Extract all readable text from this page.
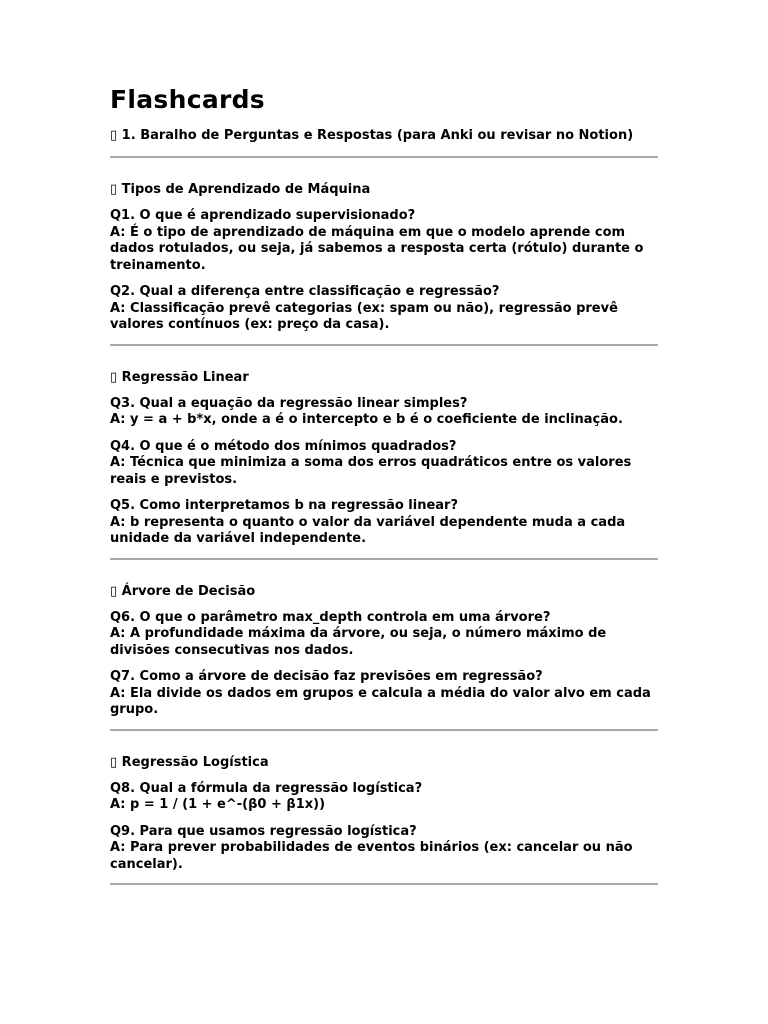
Flashcards
▯ 1. Baralho de Perguntas e Respostas (para Anki ou revisar no Notion)
▯ Tipos de Aprendizado de Máquina
Q1. O que é aprendizado supervisionado?
A: É o tipo de aprendizado de máquina em que o modelo aprende com dados rotulados, ou seja, já sabemos a resposta certa (rótulo) durante o treinamento.
Q2. Qual a diferença entre classificação e regressão?
A: Classificação prevê categorias (ex: spam ou não), regressão prevê valores contínuos (ex: preço da casa).
▯ Regressão Linear
Q3. Qual a equação da regressão linear simples?
A: y = a + b*x, onde a é o intercepto e b é o coeficiente de inclinação.
Q4. O que é o método dos mínimos quadrados?
A: Técnica que minimiza a soma dos erros quadráticos entre os valores reais e previstos.
Q5. Como interpretamos b na regressão linear?
A: b representa o quanto o valor da variável dependente muda a cada unidade da variável independente.
▯ Árvore de Decisão
Q6. O que o parâmetro max_depth controla em uma árvore?
A: A profundidade máxima da árvore, ou seja, o número máximo de divisões consecutivas nos dados.
Q7. Como a árvore de decisão faz previsões em regressão?
A: Ela divide os dados em grupos e calcula a média do valor alvo em cada grupo.
▯ Regressão Logística
Q8. Qual a fórmula da regressão logística?
A: p = 1 / (1 + e^-(β0 + β1x))
Q9. Para que usamos regressão logística?
A: Para prever probabilidades de eventos binários (ex: cancelar ou não cancelar).
